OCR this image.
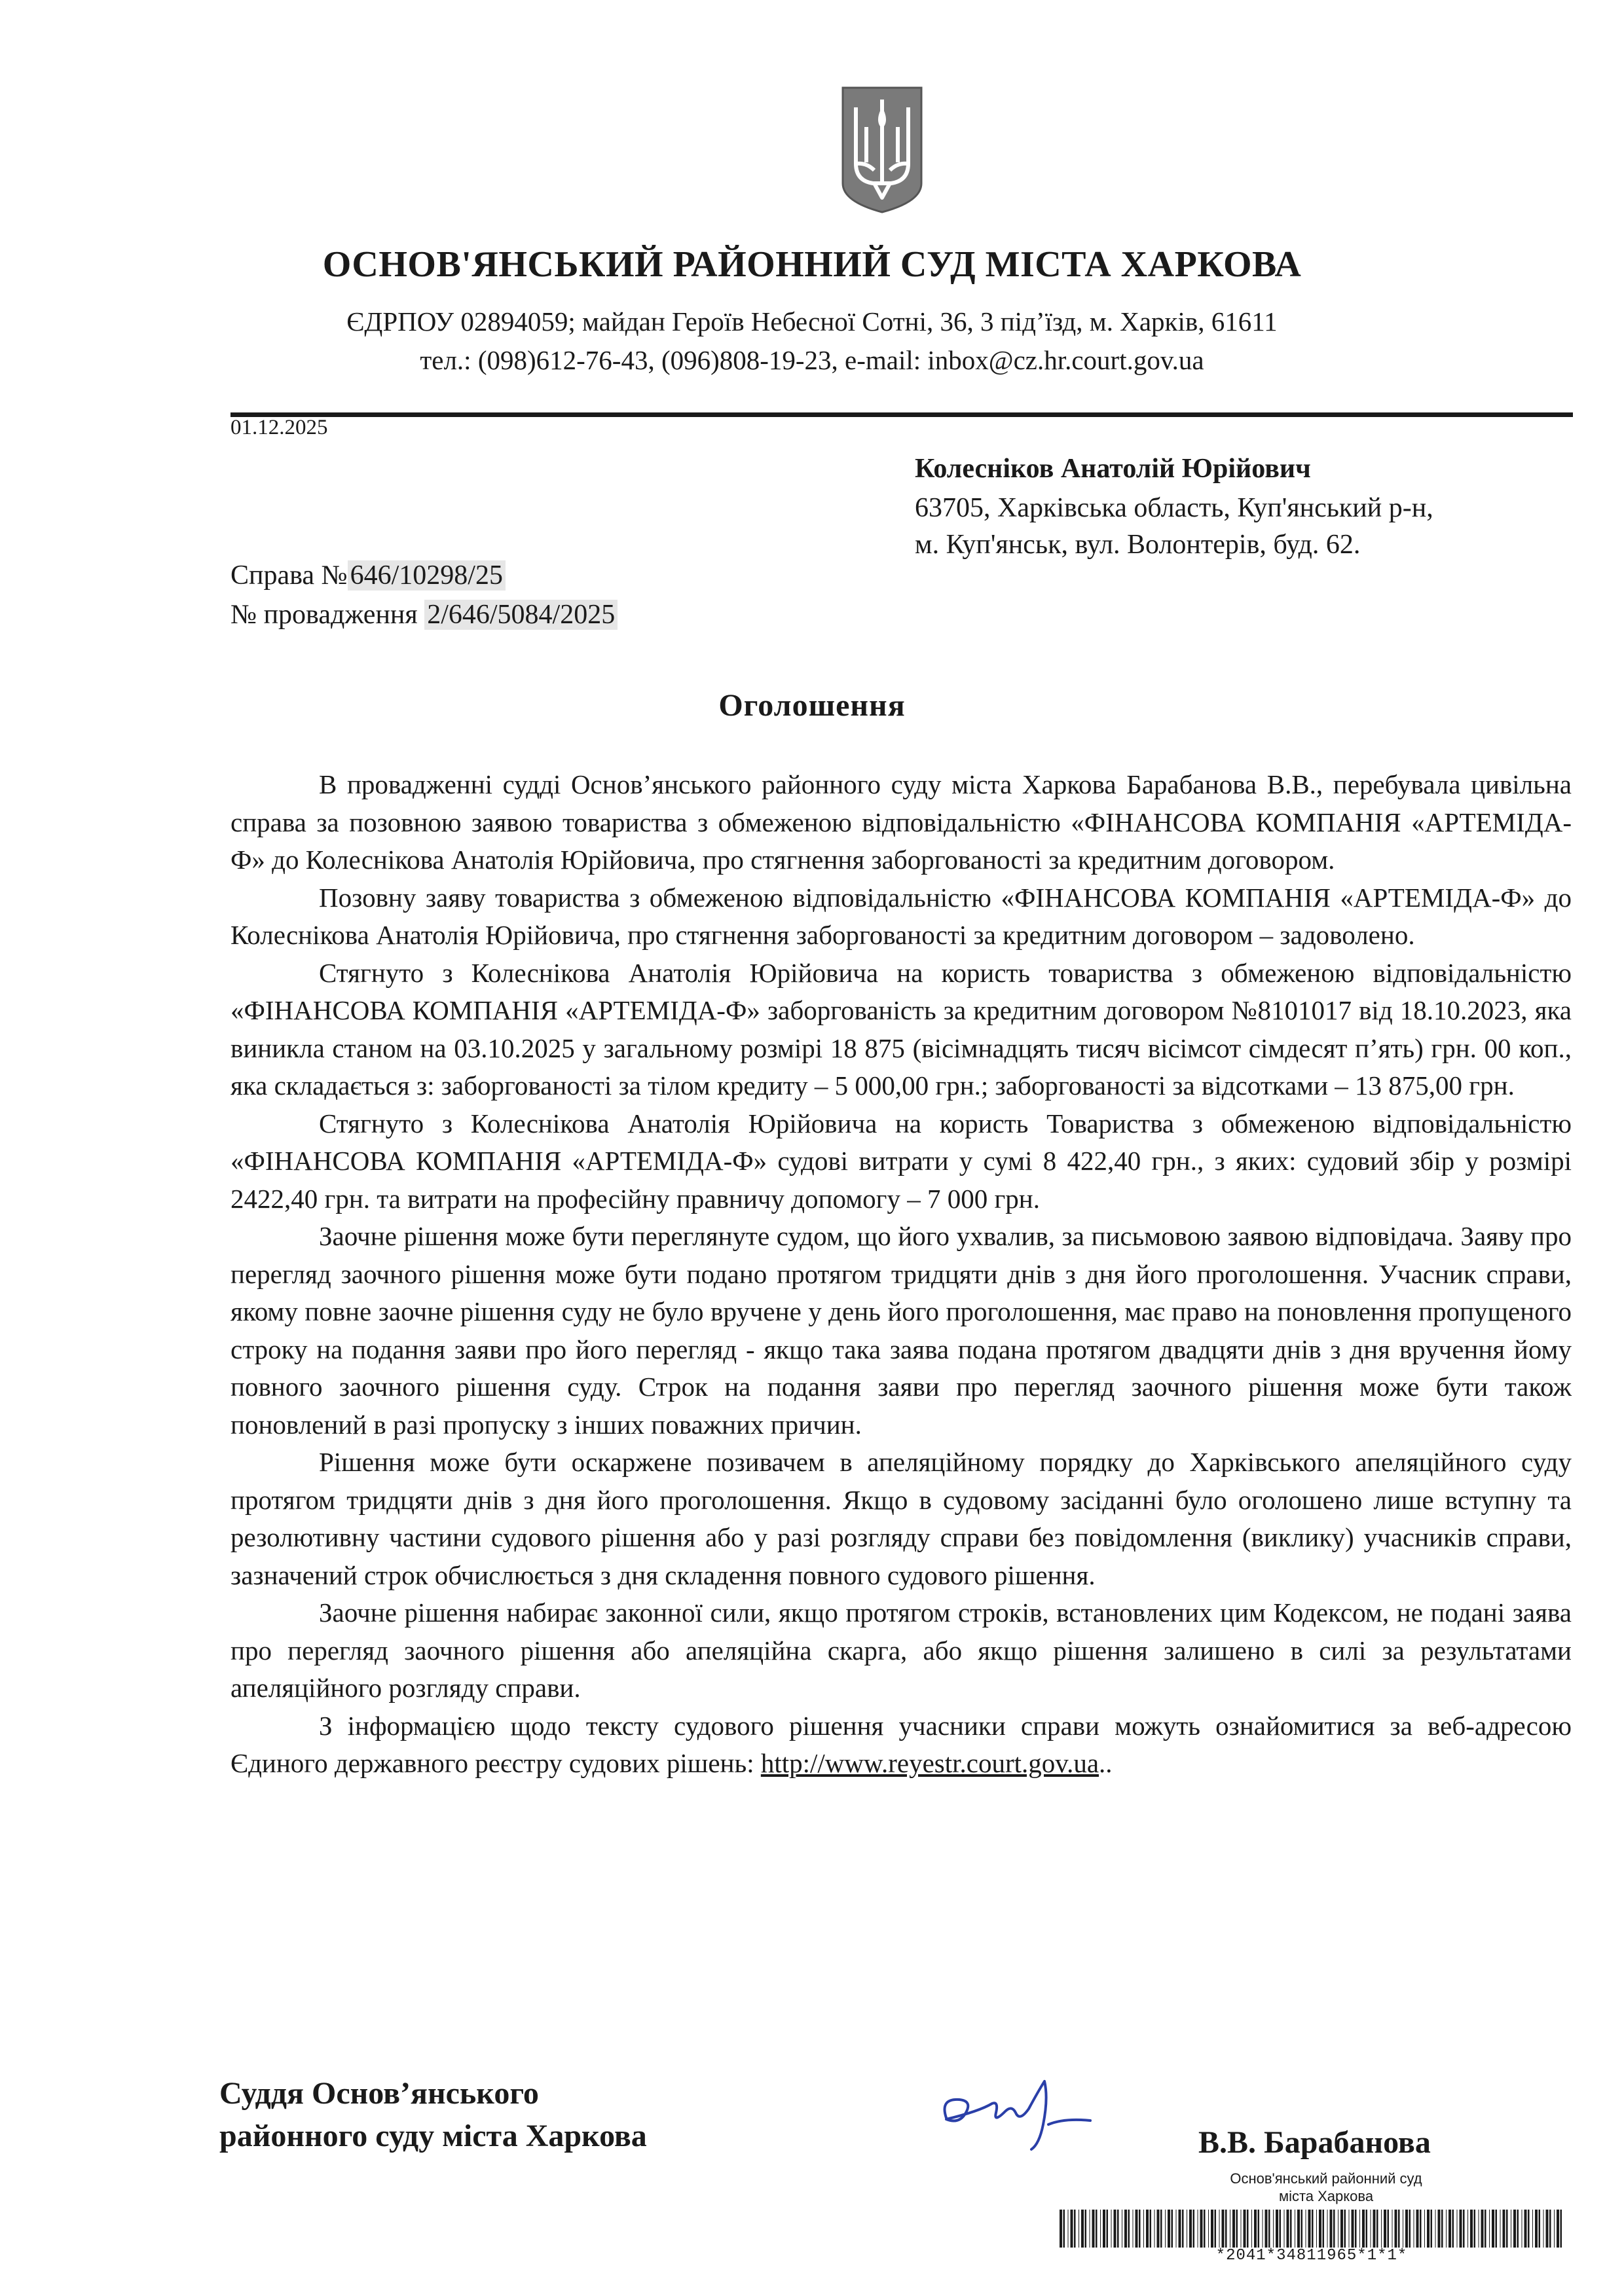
ОСНОВ'ЯНСЬКИЙ РАЙОННИЙ СУД МІСТА ХАРКОВА
ЄДРПОУ 02894059; майдан Героїв Небесної Сотні, 36, 3 під’їзд, м. Харків, 61611
тел.: (098)612-76-43, (096)808-19-23, e-mail: inbox@cz.hr.court.gov.ua
01.12.2025
Колесніков Анатолій Юрійович
63705, Харківська область, Куп'янський р-н,
м. Куп'янськ, вул. Волонтерів, буд. 62.
Справа №646/10298/25
№ провадження 2/646/5084/2025
Оголошення

В провадженні судді Основ’янського районного суду міста Харкова Барабанова В.В., перебувала цивільна справа за позовною заявою товариства з обмеженою відповідальністю «ФІНАНСОВА КОМПАНІЯ «АРТЕМІДА-Ф» до Колеснікова Анатолія Юрійовича, про стягнення заборгованості за кредитним договором.

Позовну заяву товариства з обмеженою відповідальністю «ФІНАНСОВА КОМПАНІЯ «АРТЕМІДА-Ф» до Колеснікова Анатолія Юрійовича, про стягнення заборгованості за кредитним договором – задоволено.

Стягнуто з Колеснікова Анатолія Юрійовича на користь товариства з обмеженою відповідальністю «ФІНАНСОВА КОМПАНІЯ «АРТЕМІДА-Ф» заборгованість за кредитним договором №8101017 від 18.10.2023, яка виникла станом на 03.10.2025 у загальному розмірі 18 875 (вісімнадцять тисяч вісімсот сімдесят п’ять) грн. 00 коп., яка складається з: заборгованості за тілом кредиту – 5 000,00 грн.; заборгованості за відсотками – 13 875,00 грн.

Стягнуто з Колеснікова Анатолія Юрійовича на користь Товариства з обмеженою відповідальністю «ФІНАНСОВА КОМПАНІЯ «АРТЕМІДА-Ф» судові витрати у сумі 8 422,40 грн., з яких: судовий збір у розмірі 2422,40 грн. та витрати на професійну правничу допомогу – 7 000 грн.

Заочне рішення може бути переглянуте судом, що його ухвалив, за письмовою заявою відповідача. Заяву про перегляд заочного рішення може бути подано протягом тридцяти днів з дня його проголошення. Учасник справи, якому повне заочне рішення суду не було вручене у день його проголошення, має право на поновлення пропущеного строку на подання заяви про його перегляд - якщо така заява подана протягом двадцяти днів з дня вручення йому повного заочного рішення суду. Строк на подання заяви про перегляд заочного рішення може бути також поновлений в разі пропуску з інших поважних причин.

Рішення може бути оскаржене позивачем в апеляційному порядку до Харківського апеляційного суду протягом тридцяти днів з дня його проголошення. Якщо в судовому засіданні було оголошено лише вступну та резолютивну частини судового рішення або у разі розгляду справи без повідомлення (виклику) учасників справи, зазначений строк обчислюється з дня складення повного судового рішення.

Заочне рішення набирає законної сили, якщо протягом строків, встановлених цим Кодексом, не подані заява про перегляд заочного рішення або апеляційна скарга, або якщо рішення залишено в силі за результатами апеляційного розгляду справи.

З інформацією щодо тексту судового рішення учасники справи можуть ознайомитися за веб-адресою Єдиного державного реєстру судових рішень: http://www.reyestr.court.gov.ua..

Суддя Основ’янського
районного суду міста Харкова	В.В. Барабанова
Основ'янський районний суд
міста Харкова
*2041*34811965*1*1*
